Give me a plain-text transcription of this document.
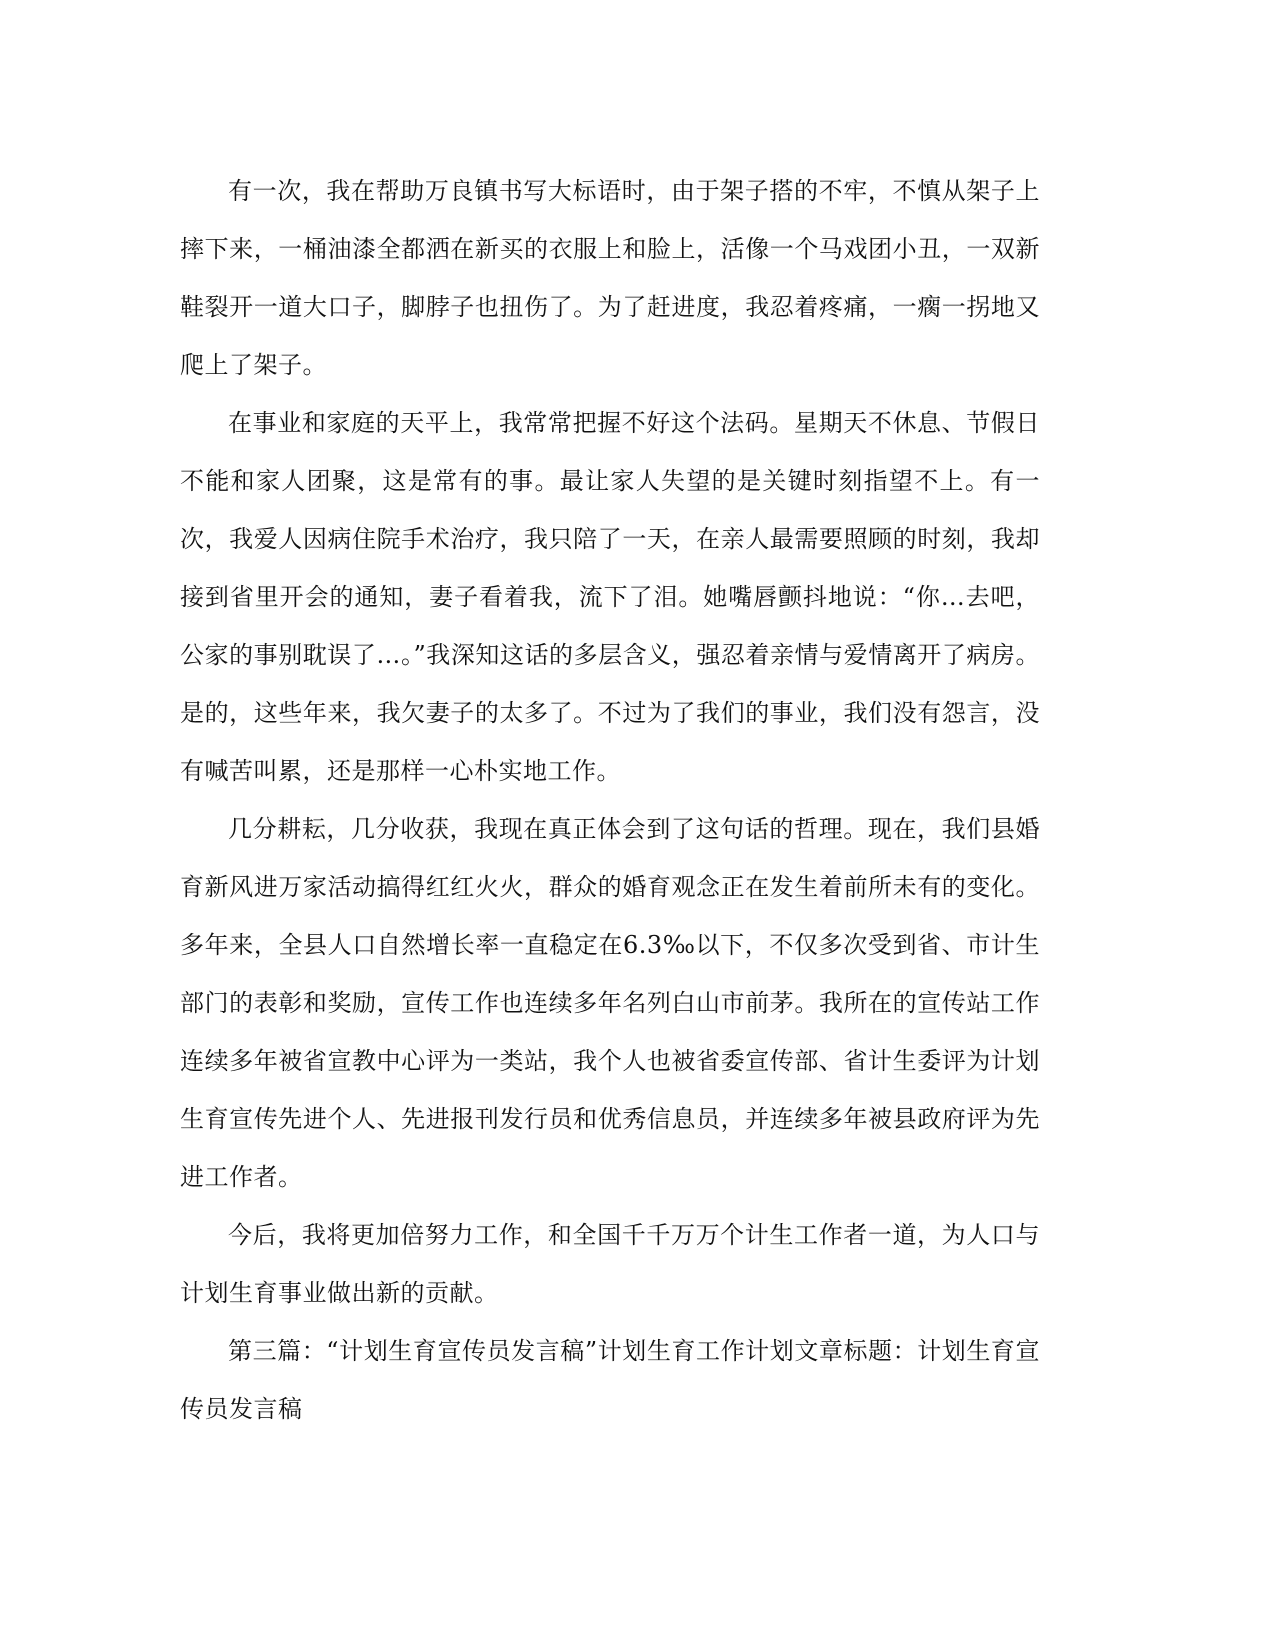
有一次，我在帮助万良镇书写大标语时，由于架子搭的不牢，不慎从架子上摔下来，一桶油漆全都洒在新买的衣服上和脸上，活像一个马戏团小丑，一双新鞋裂开一道大口子，脚脖子也扭伤了。为了赶进度，我忍着疼痛，一瘸一拐地又爬上了架子。

在事业和家庭的天平上，我常常把握不好这个法码。星期天不休息、节假日不能和家人团聚，这是常有的事。最让家人失望的是关键时刻指望不上。有一次，我爱人因病住院手术治疗，我只陪了一天，在亲人最需要照顾的时刻，我却接到省里开会的通知，妻子看着我，流下了泪。她嘴唇颤抖地说：“你…去吧，公家的事别耽误了…。”我深知这话的多层含义，强忍着亲情与爱情离开了病房。是的，这些年来，我欠妻子的太多了。不过为了我们的事业，我们没有怨言，没有喊苦叫累，还是那样一心朴实地工作。

几分耕耘，几分收获，我现在真正体会到了这句话的哲理。现在，我们县婚育新风进万家活动搞得红红火火，群众的婚育观念正在发生着前所未有的变化。多年来，全县人口自然增长率一直稳定在6.3‰以下，不仅多次受到省、市计生部门的表彰和奖励，宣传工作也连续多年名列白山市前茅。我所在的宣传站工作连续多年被省宣教中心评为一类站，我个人也被省委宣传部、省计生委评为计划生育宣传先进个人、先进报刊发行员和优秀信息员，并连续多年被县政府评为先进工作者。

今后，我将更加倍努力工作，和全国千千万万个计生工作者一道，为人口与计划生育事业做出新的贡献。

第三篇：“计划生育宣传员发言稿”计划生育工作计划文章标题：计划生育宣传员发言稿
